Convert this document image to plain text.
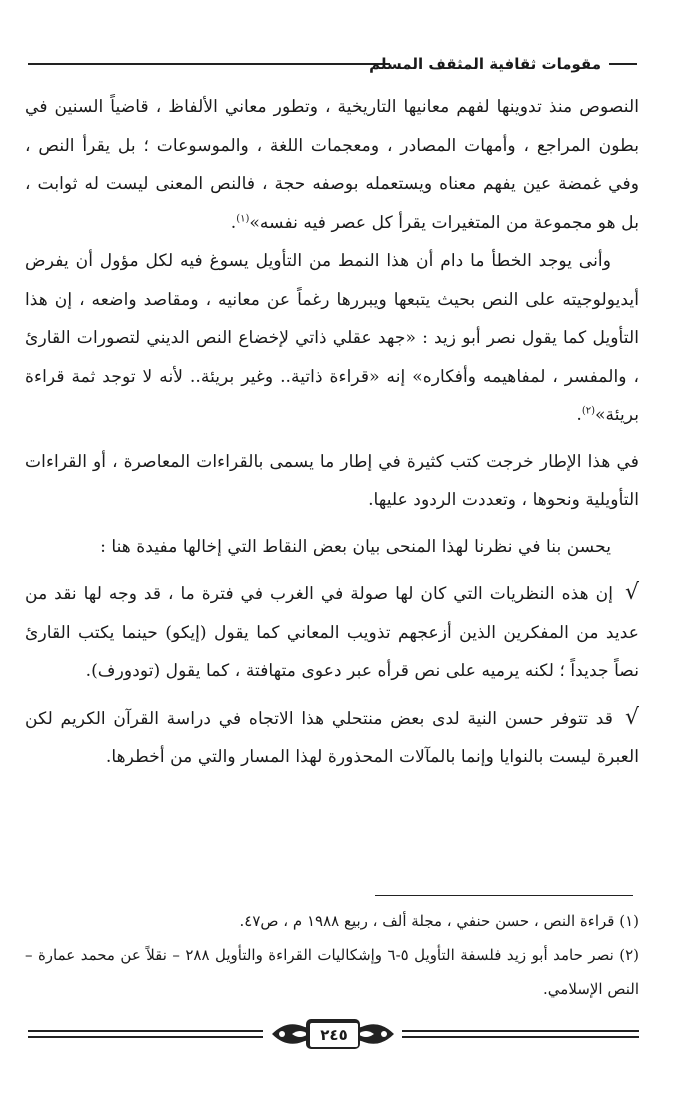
مقومات ثقافية المثقف المسلم

النصوص منذ تدوينها لفهم معانيها التاريخية ، وتطور معاني الألفاظ ، قاضياً السنين في بطون المراجع ، وأمهات المصادر ، ومعجمات اللغة ، والموسوعات ؛ بل يقرأ النص ، وفي غمضة عين يفهم معناه ويستعمله بوصفه حجة ، فالنص المعنى ليست له ثوابت ، بل هو مجموعة من المتغيرات يقرأ كل عصر فيه نفسه»$^{(١)}$.

وأنى يوجد الخطأ ما دام أن هذا النمط من التأويل يسوغ فيه لكل مؤول أن يفرض أيديولوجيته على النص بحيث يتبعها ويبررها رغماً عن معانيه ، ومقاصد واضعه ، إن هذا التأويل كما يقول نصر أبو زيد : «جهد عقلي ذاتي لإخضاع النص الديني لتصورات القارئ ، والمفسر ، لمفاهيمه وأفكاره» إنه «قراءة ذاتية.. وغير بريئة.. لأنه لا توجد ثمة قراءة بريئة»$^{(٢)}$.

في هذا الإطار خرجت كتب كثيرة في إطار ما يسمى بالقراءات المعاصرة ، أو القراءات التأويلية ونحوها ، وتعددت الردود عليها.

يحسن بنا في نظرنا لهذا المنحى بيان بعض النقاط التي إخالها مفيدة هنا :

√إن هذه النظريات التي كان لها صولة في الغرب في فترة ما ، قد وجه لها نقد من عديد من المفكرين الذين أزعجهم تذويب المعاني كما يقول (إيكو) حينما يكتب القارئ نصاً جديداً ؛ لكنه يرميه على نص قرأه عبر دعوى متهافتة ، كما يقول (تودورف).

√قد تتوفر حسن النية لدى بعض منتحلي هذا الاتجاه في دراسة القرآن الكريم لكن العبرة ليست بالنوايا وإنما بالمآلات المحذورة لهذا المسار والتي من أخطرها.

(١) قراءة النص ، حسن حنفي ، مجلة ألف ، ربيع ١٩٨٨ م ، ص٤٧.

(٢) نصر حامد أبو زيد فلسفة التأويل ٥-٦ وإشكاليات القراءة والتأويل ٢٨٨ – نقلاً عن محمد عمارة – النص الإسلامي.

٢٤٥
